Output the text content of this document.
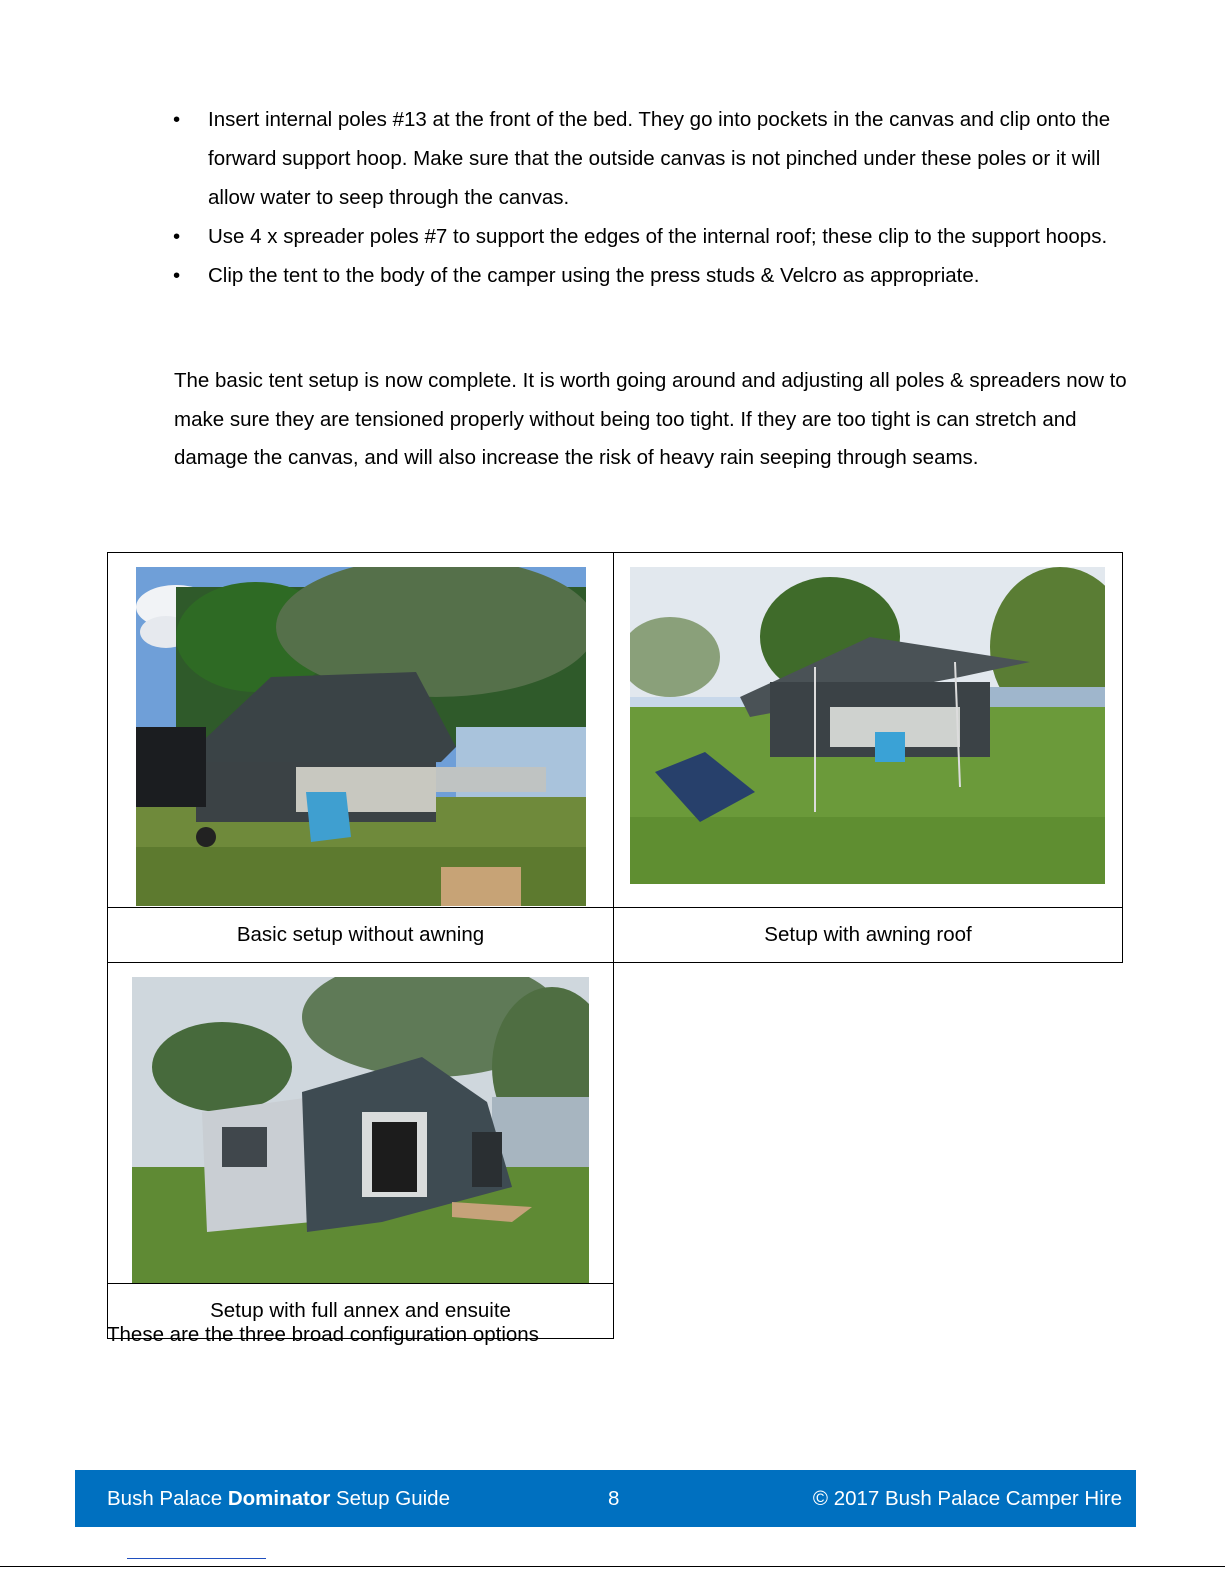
• Insert internal poles #13 at the front of the bed. They go into pockets in the canvas and clip onto the forward support hoop. Make sure that the outside canvas is not pinched under these poles or it will allow water to seep through the canvas.
• Use 4 x spreader poles #7 to support the edges of the internal roof; these clip to the support hoops.
• Clip the tent to the body of the camper using the press studs & Velcro as appropriate.

The basic tent setup is now complete. It is worth going around and adjusting all poles & spreaders now to make sure they are tensioned properly without being too tight. If they are too tight is can stretch and damage the canvas, and will also increase the risk of heavy rain seeping through seams.

Basic setup without awning	Setup with awning roof

Setup with full annex and ensuite	

These are the three broad configuration options

Bush Palace Dominator Setup Guide	8	© 2017 Bush Palace Camper Hire
